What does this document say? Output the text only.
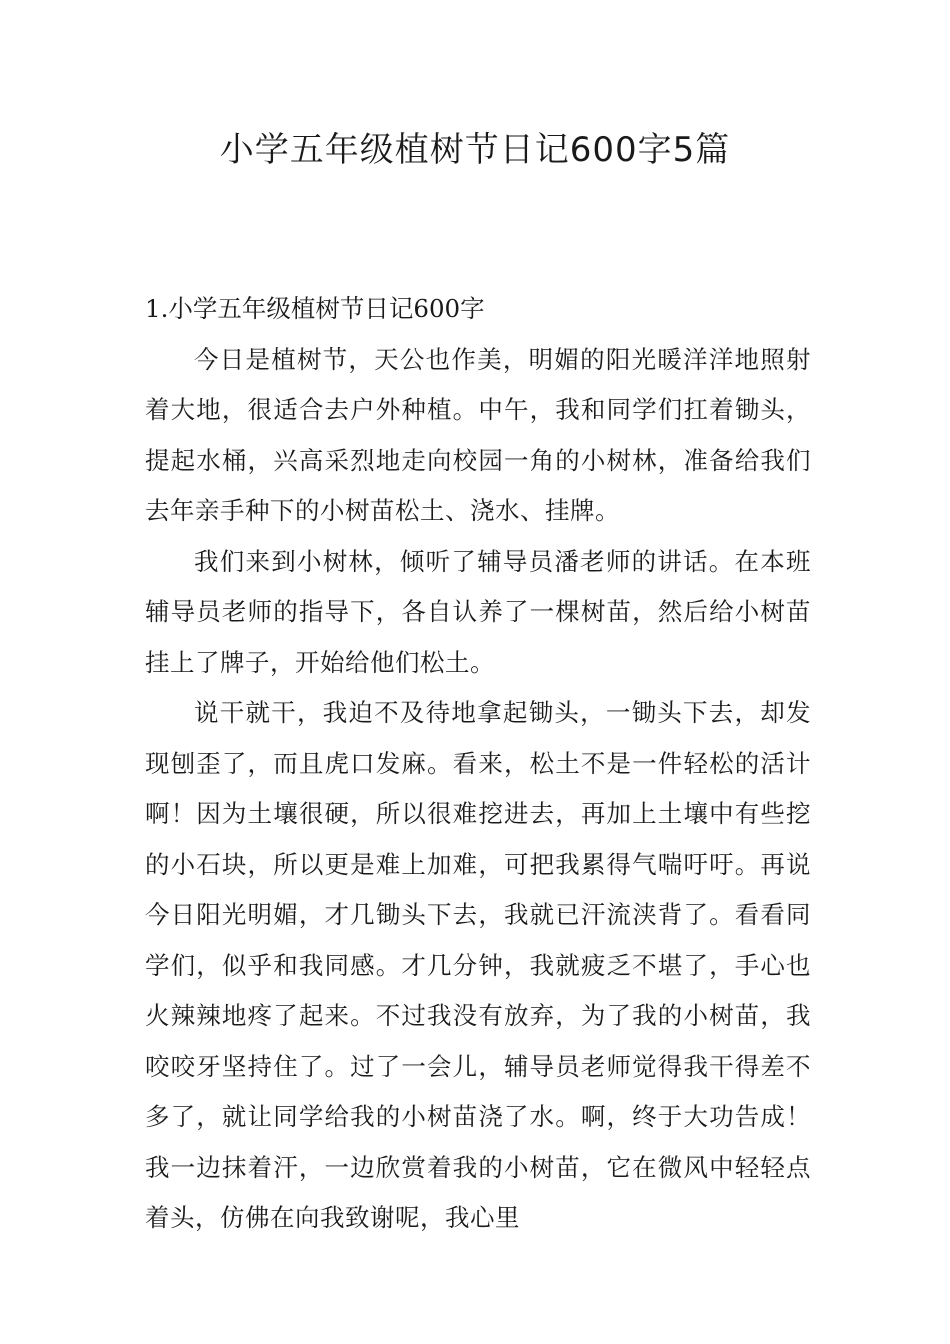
小学五年级植树节日记600字5篇
1.小学五年级植树节日记600字

今日是植树节，天公也作美，明媚的阳光暖洋洋地照射着大地，很适合去户外种植。中午，我和同学们扛着锄头，提起水桶，兴高采烈地走向校园一角的小树林，准备给我们去年亲手种下的小树苗松土、浇水、挂牌。

我们来到小树林，倾听了辅导员潘老师的讲话。在本班辅导员老师的指导下，各自认养了一棵树苗，然后给小树苗挂上了牌子，开始给他们松土。

说干就干，我迫不及待地拿起锄头，一锄头下去，却发现刨歪了，而且虎口发麻。看来，松土不是一件轻松的活计啊！因为土壤很硬，所以很难挖进去，再加上土壤中有些挖的小石块，所以更是难上加难，可把我累得气喘吁吁。再说今日阳光明媚，才几锄头下去，我就已汗流浃背了。看看同学们，似乎和我同感。才几分钟，我就疲乏不堪了，手心也火辣辣地疼了起来。不过我没有放弃，为了我的小树苗，我咬咬牙坚持住了。过了一会儿，辅导员老师觉得我干得差不多了，就让同学给我的小树苗浇了水。啊，终于大功告成！我一边抹着汗，一边欣赏着我的小树苗，它在微风中轻轻点着头，仿佛在向我致谢呢，我心里
